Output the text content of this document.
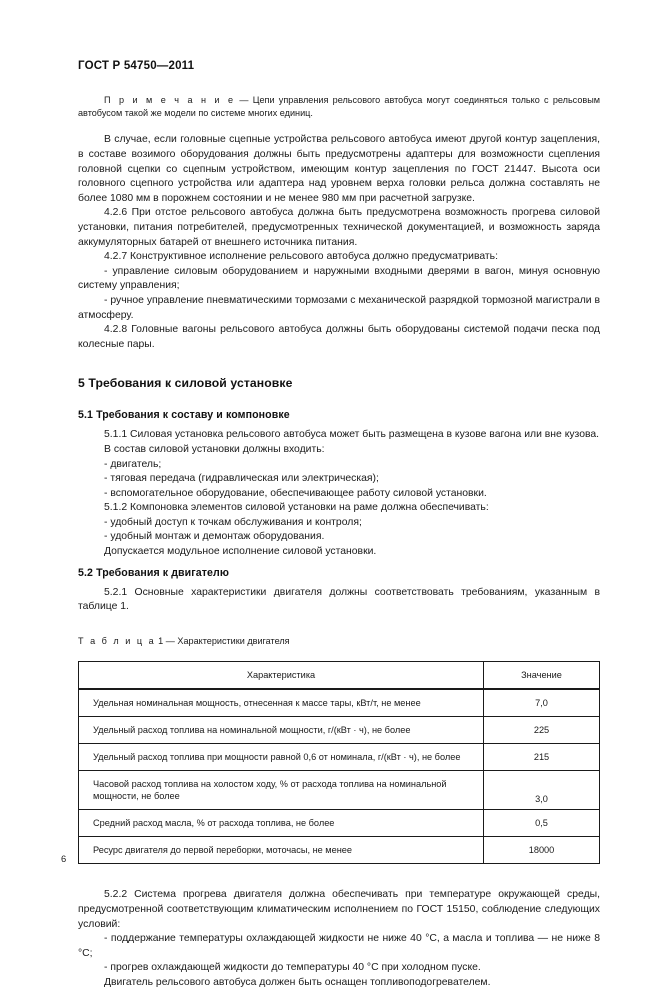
ГОСТ Р 54750—2011

П р и м е ч а н и е — Цепи управления рельсового автобуса могут соединяться только с рельсовым автобусом такой же модели по системе многих единиц.

В случае, если головные сцепные устройства рельсового автобуса имеют другой контур зацепления, в составе возимого оборудования должны быть предусмотрены адаптеры для возможности сцепления головной сцепки со сцепным устройством, имеющим контур зацепления по ГОСТ 21447. Высота оси головного сцепного устройства или адаптера над уровнем верха головки рельса должна составлять не более 1080 мм в порожнем состоянии и не менее 980 мм при расчетной загрузке.

4.2.6 При отстое рельсового автобуса должна быть предусмотрена возможность прогрева силовой установки, питания потребителей, предусмотренных технической документацией, и возможность заряда аккумуляторных батарей от внешнего источника питания.

4.2.7 Конструктивное исполнение рельсового автобуса должно предусматривать:

- управление силовым оборудованием и наружными входными дверями в вагон, минуя основную систему управления;

- ручное управление пневматическими тормозами с механической разрядкой тормозной магистрали в атмосферу.

4.2.8 Головные вагоны рельсового автобуса должны быть оборудованы системой подачи песка под колесные пары.

5 Требования к силовой установке
5.1 Требования к составу и компоновке

5.1.1 Силовая установка рельсового автобуса может быть размещена в кузове вагона или вне кузова.

В состав силовой установки должны входить:

- двигатель;

- тяговая передача (гидравлическая или электрическая);

- вспомогательное оборудование, обеспечивающее работу силовой установки.

5.1.2 Компоновка элементов силовой установки на раме должна обеспечивать:

- удобный доступ к точкам обслуживания и контроля;

- удобный монтаж и демонтаж оборудования.

Допускается модульное исполнение силовой установки.

5.2 Требования к двигателю

5.2.1 Основные характеристики двигателя должны соответствовать требованиям, указанным в таблице 1.

Т а б л и ц а 1 — Характеристики двигателя

Характеристика	Значение
Удельная номинальная мощность, отнесенная к массе тары, кВт/т, не менее	7,0
Удельный расход топлива на номинальной мощности, г/(кВт · ч), не более	225
Удельный расход топлива при мощности равной 0,6 от номинала, г/(кВт · ч), не более	215
Часовой расход топлива на холостом ходу, % от расхода топлива на номинальной мощности, не более	3,0
Средний расход масла, % от расхода топлива, не более	0,5
Ресурс двигателя до первой переборки, моточасы, не менее	18000

5.2.2 Система прогрева двигателя должна обеспечивать при температуре окружающей среды, предусмотренной соответствующим климатическим исполнением по ГОСТ 15150, соблюдение следующих условий:

- поддержание температуры охлаждающей жидкости не ниже 40 °С, а масла и топлива — не ниже 8 °С;

- прогрев охлаждающей жидкости до температуры 40 °С при холодном пуске.

Двигатель рельсового автобуса должен быть оснащен топливоподогревателем.

6
